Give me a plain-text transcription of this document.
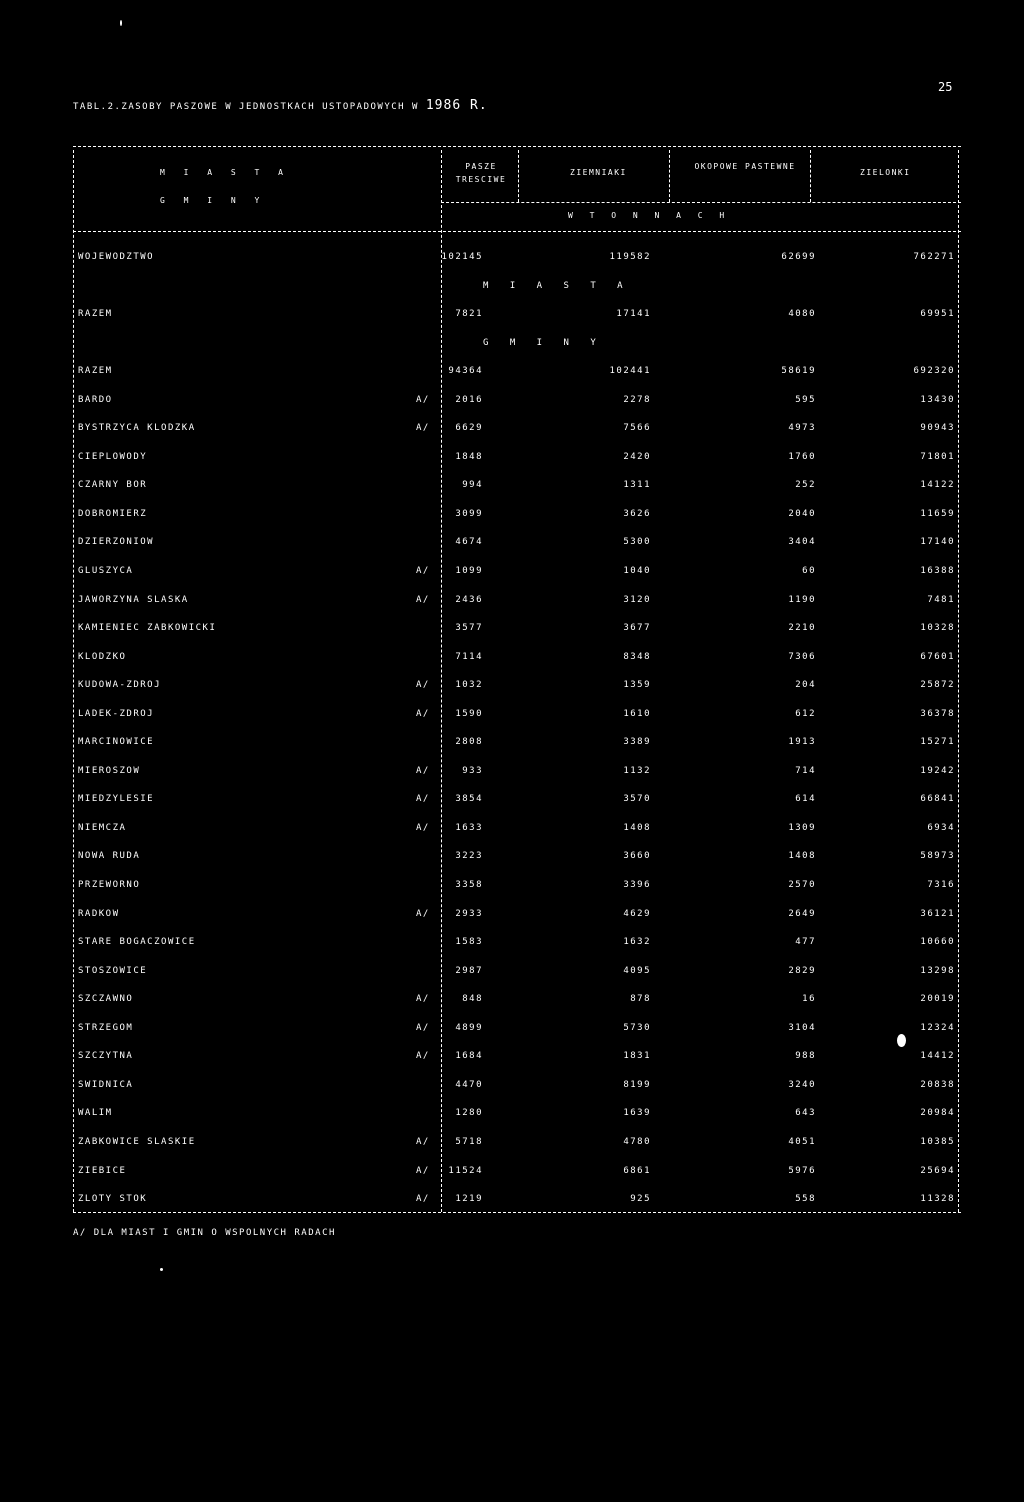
25
TABL.2.ZASOBY PASZOWE W JEDNOSTKACH USTOPADOWYCH W 1986 R.
M I A S T A
G M I N Y
PASZE TRESCIWE
ZIEMNIAKI
OKOPOWE PASTEWNE
ZIELONKI
W T O N N A C H
WOJEWODZTWO	102145	119582	62699	762271
M I A S T A
RAZEM	7821	17141	4080	69951
G M I N Y
RAZEM	94364	102441	58619	692320
BARDO	A/	2016	2278	595	13430
BYSTRZYCA KLODZKA	A/	6629	7566	4973	90943
CIEPLOWODY	1848	2420	1760	71801
CZARNY BOR	994	1311	252	14122
DOBROMIERZ	3099	3626	2040	11659
DZIERZONIOW	4674	5300	3404	17140
GLUSZYCA	A/	1099	1040	60	16388
JAWORZYNA SLASKA	A/	2436	3120	1190	7481
KAMIENIEC ZABKOWICKI	3577	3677	2210	10328
KLODZKO	7114	8348	7306	67601
KUDOWA-ZDROJ	A/	1032	1359	204	25872
LADEK-ZDROJ	A/	1590	1610	612	36378
MARCINOWICE	2808	3389	1913	15271
MIEROSZOW	A/	933	1132	714	19242
MIEDZYLESIE	A/	3854	3570	614	66841
NIEMCZA	A/	1633	1408	1309	6934
NOWA RUDA	3223	3660	1408	58973
PRZEWORNO	3358	3396	2570	7316
RADKOW	A/	2933	4629	2649	36121
STARE BOGACZOWICE	1583	1632	477	10660
STOSZOWICE	2987	4095	2829	13298
SZCZAWNO	A/	848	878	16	20019
STRZEGOM	A/	4899	5730	3104	12324
SZCZYTNA	A/	1684	1831	988	14412
SWIDNICA	4470	8199	3240	20838
WALIM	1280	1639	643	20984
ZABKOWICE SLASKIE	A/	5718	4780	4051	10385
ZIEBICE	A/ 11524	6861	5976	25694
ZLOTY STOK	A/	1219	925	558	11328
A/ DLA MIAST I GMIN O WSPOLNYCH RADACH
